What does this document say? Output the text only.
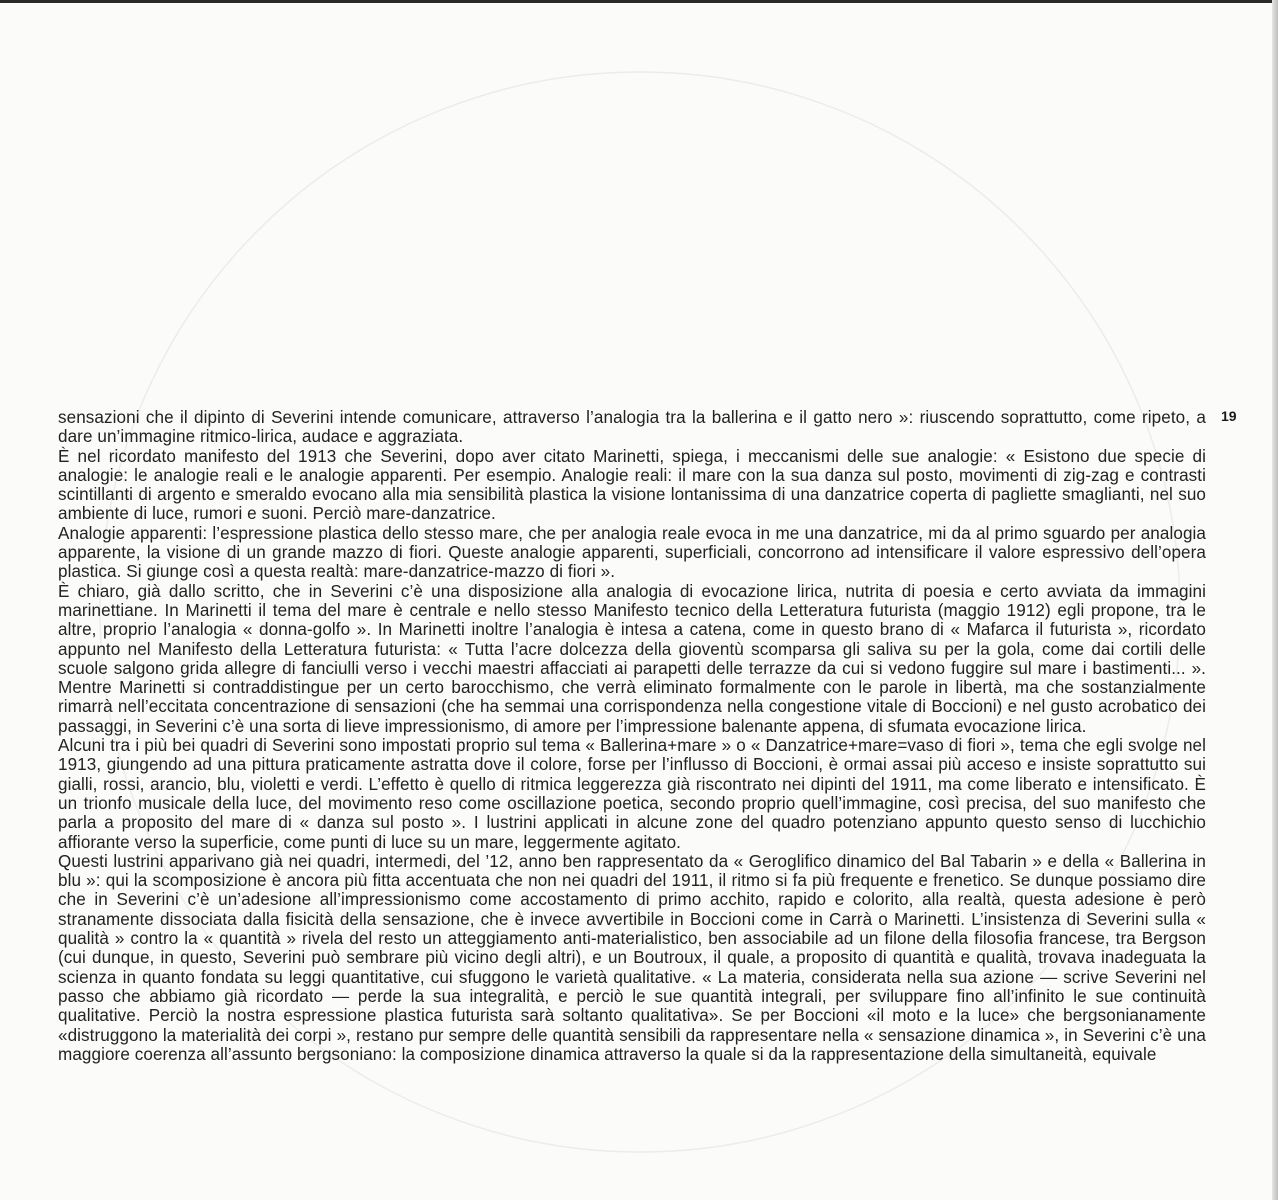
19

sensazioni che il dipinto di Severini intende comunicare, attraverso l’analogia tra la ballerina e il gatto nero »: riuscendo soprattutto, come ripeto, a dare un’immagine ritmico-lirica, audace e aggraziata.

È nel ricordato manifesto del 1913 che Severini, dopo aver citato Marinetti, spiega, i meccanismi delle sue analogie: « Esistono due specie di analogie: le analogie reali e le analogie apparenti. Per esempio. Analogie reali: il mare con la sua danza sul posto, movimenti di zig-zag e contrasti scintillanti di argento e smeraldo evocano alla mia sensibilità plastica la visione lontanissima di una danzatrice coperta di pagliette smaglianti, nel suo ambiente di luce, rumori e suoni. Perciò mare-danzatrice.

Analogie apparenti: l’espressione plastica dello stesso mare, che per analogia reale evoca in me una danzatrice, mi da al primo sguardo per analogia apparente, la visione di un grande mazzo di fiori. Queste analogie apparenti, superficiali, concorrono ad intensificare il valore espressivo dell’opera plastica. Si giunge così a questa realtà: mare-danzatrice-mazzo di fiori ».

È chiaro, già dallo scritto, che in Severini c’è una disposizione alla analogia di evocazione lirica, nutrita di poesia e certo avviata da immagini marinettiane. In Marinetti il tema del mare è centrale e nello stesso Manifesto tecnico della Letteratura futurista (maggio 1912) egli propone, tra le altre, proprio l’analogia « donna-golfo ». In Marinetti inoltre l’analogia è intesa a catena, come in questo brano di « Mafarca il futurista », ricordato appunto nel Manifesto della Letteratura futurista: « Tutta l’acre dolcezza della gioventù scomparsa gli saliva su per la gola, come dai cortili delle scuole salgono grida allegre di fanciulli verso i vecchi maestri affacciati ai parapetti delle terrazze da cui si vedono fuggire sul mare i bastimenti... ». Mentre Marinetti si contraddistingue per un certo barocchismo, che verrà eliminato formalmente con le parole in libertà, ma che sostanzialmente rimarrà nell’eccitata concentrazione di sensazioni (che ha semmai una corrispondenza nella congestione vitale di Boccioni) e nel gusto acrobatico dei passaggi, in Severini c’è una sorta di lieve impressionismo, di amore per l’impressione balenante appena, di sfumata evocazione lirica.

Alcuni tra i più bei quadri di Severini sono impostati proprio sul tema « Ballerina+mare » o « Danzatrice+mare=vaso di fiori », tema che egli svolge nel 1913, giungendo ad una pittura praticamente astratta dove il colore, forse per l’influsso di Boccioni, è ormai assai più acceso e insiste soprattutto sui gialli, rossi, arancio, blu, violetti e verdi. L’effetto è quello di ritmica leggerezza già riscontrato nei dipinti del 1911, ma come liberato e intensificato. È un trionfo musicale della luce, del movimento reso come oscillazione poetica, secondo proprio quell’immagine, così precisa, del suo manifesto che parla a proposito del mare di « danza sul posto ». I lustrini applicati in alcune zone del quadro potenziano appunto questo senso di lucchichio affiorante verso la superficie, come punti di luce su un mare, leggermente agitato.

Questi lustrini apparivano già nei quadri, intermedi, del ’12, anno ben rappresentato da « Geroglifico dinamico del Bal Tabarin » e della « Ballerina in blu »: qui la scomposizione è ancora più fitta accentuata che non nei quadri del 1911, il ritmo si fa più frequente e frenetico. Se dunque possiamo dire che in Severini c’è un’adesione all’impressionismo come accostamento di primo acchito, rapido e colorito, alla realtà, questa adesione è però stranamente dissociata dalla fisicità della sensazione, che è invece avvertibile in Boccioni come in Carrà o Marinetti. L’insistenza di Severini sulla « qualità » contro la « quantità » rivela del resto un atteggiamento anti-materialistico, ben associabile ad un filone della filosofia francese, tra Bergson (cui dunque, in questo, Severini può sembrare più vicino degli altri), e un Boutroux, il quale, a proposito di quantità e qualità, trovava inadeguata la scienza in quanto fondata su leggi quantitative, cui sfuggono le varietà qualitative. « La materia, considerata nella sua azione — scrive Severini nel passo che abbiamo già ricordato — perde la sua integralità, e perciò le sue quantità integrali, per sviluppare fino all’infinito le sue continuità qualitative. Perciò la nostra espressione plastica futurista sarà soltanto qualitativa». Se per Boccioni «il moto e la luce» che bergsonianamente «distruggono la materialità dei corpi », restano pur sempre delle quantità sensibili da rappresentare nella « sensazione dinamica », in Severini c’è una maggiore coerenza all’assunto bergsoniano: la composizione dinamica attraverso la quale si da la rappresentazione della simultaneità, equivale
